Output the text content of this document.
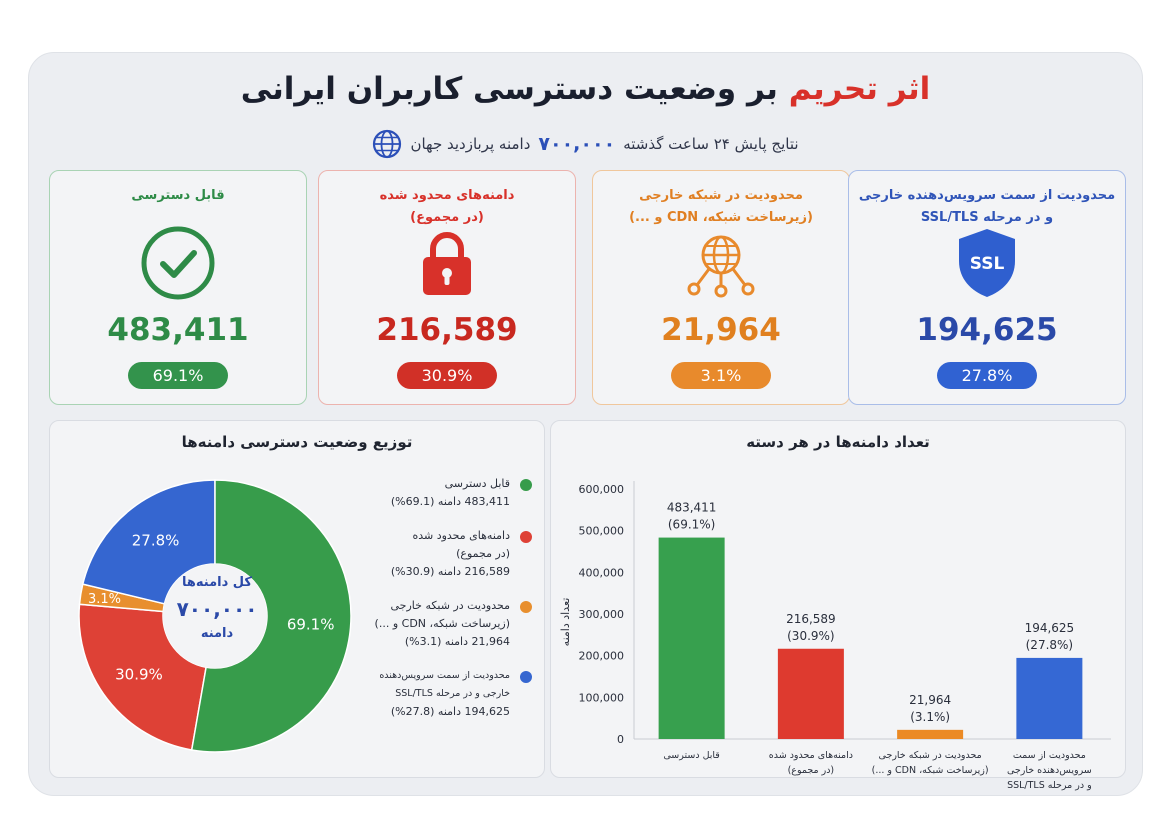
اثر تحریم بر وضعیت دسترسی کاربران ایرانی
نتایج پایش ۲۴ ساعت گذشته
۷۰۰,۰۰۰
دامنه پربازدید جهان
قابل دسترسی
483,411
69.1%
دامنه‌های محدود شده
(در مجموع)
216,589
30.9%
محدودیت در شبکه خارجی
(زیرساخت شبکه، CDN و ...)
21,964
3.1%
محدودیت از سمت سرویس‌دهنده خارجی
و در مرحله SSL/TLS
SSL
194,625
27.8%
توزیع وضعیت دسترسی دامنه‌ها
کل دامنه‌ها
۷۰۰,۰۰۰
دامنه
30.9%
3.1%
27.8%
69.1%
قابل دسترسی
483,411 دامنه (69.1%)
دامنه‌های محدود شده
(در مجموع)
216,589 دامنه (30.9%)
محدودیت در شبکه خارجی
(زیرساخت شبکه، CDN و ...)
21,964 دامنه (3.1%)
محدودیت از سمت سرویس‌دهنده
خارجی و در مرحله SSL/TLS
194,625 دامنه (27.8%)
تعداد دامنه‌ها در هر دسته
0
100,000
200,000
300,000
400,000
500,000
600,000
483,411
(69.1%)
216,589
(30.9%)
21,964
(3.1%)
194,625
(27.8%)
قابل دسترسی	دامنه‌های محدود شده
(در مجموع)
محدودیت در شبکه خارجی
(زیرساخت شبکه، CDN و ...)
محدودیت از سمت
سرویس‌دهنده خارجی
و در مرحله SSL/TLS
تعداد دامنه
